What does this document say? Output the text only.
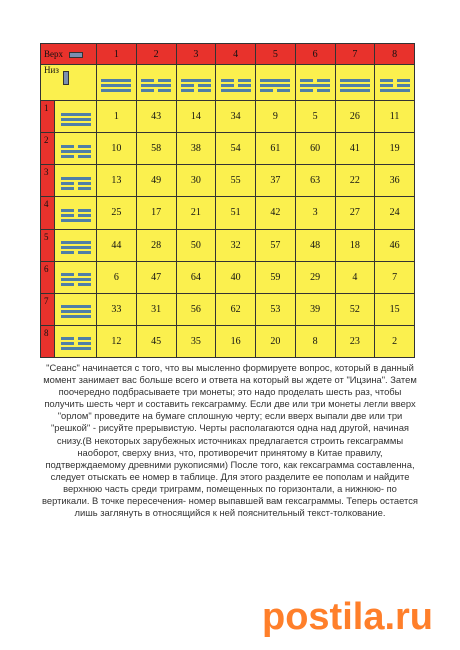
Верх		1	2	3	4	5	6	7	8
Низ		

1		1	43	14	34	9	5	26	11
2		10	58	38	54	61	60	41	19
3		13	49	30	55	37	63	22	36
4		25	17	21	51	42	3	27	24
5		44	28	50	32	57	48	18	46
6		6	47	64	40	59	29	4	7
7		33	31	56	62	53	39	52	15
8		12	45	35	16	20	8	23	2

"Сеанс" начинается с того, что вы мысленно формируете вопрос, который в данный момент занимает вас больше всего и ответа на который вы ждете от "Ицзина". Затем поочередно подбрасываете три монеты; это надо проделать шесть раз, чтобы получить шесть черт и составить гексаграмму. Если две или три монеты легли вверх "орлом" проведите на бумаге сплошную черту; если вверх выпали две или три "решкой" - рисуйте прерывистую. Черты располагаются одна над другой, начиная снизу.(В некоторых зарубежных источниках предлагается строить гексаграммы наоборот, сверху вниз, что, противоречит принятому в Китае правилу, подтверждаемому древними рукописями) После того, как гексаграмма составленна, следует отыскать ее номер в таблице. Для этого разделите ее пополам и найдите верхнюю часть среди триграмм, помещенных по горизонтали, а нижнюю- по вертикали. В точке пересечения- номер выпавшей вам гексаграммы. Теперь остается лишь заглянуть в относящийся к ней пояснительный текст-толкование.

postila.ru
